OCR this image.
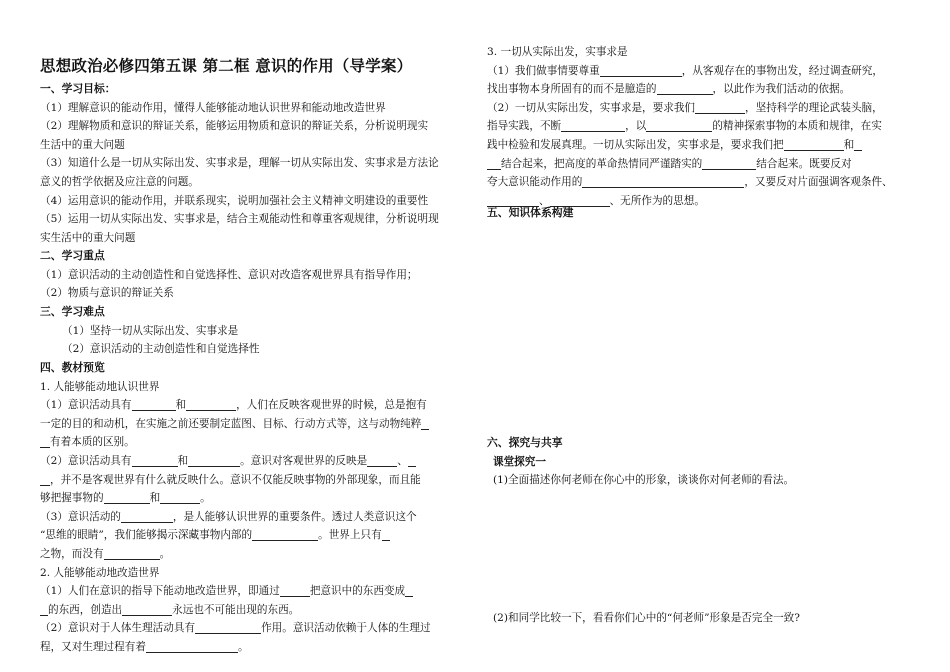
思想政治必修四第五课 第二框 意识的作用（导学案）

一、学习目标：

（1）理解意识的能动作用，懂得人能够能动地认识世界和能动地改造世界

（2）理解物质和意识的辩证关系，能够运用物质和意识的辩证关系，分析说明现实

生活中的重大问题

（3）知道什么是一切从实际出发、实事求是，理解一切从实际出发、实事求是方法论

意义的哲学依据及应注意的问题。

（4）运用意识的能动作用，并联系现实，说明加强社会主义精神文明建设的重要性

（5）运用一切从实际出发、实事求是，结合主观能动性和尊重客观规律，分析说明现

实生活中的重大问题

二、学习重点

（1）意识活动的主动创造性和自觉选择性、意识对改造客观世界具有指导作用；

（2）物质与意识的辩证关系

三、学习难点

（1）坚持一切从实际出发、实事求是

（2）意识活动的主动创造性和自觉选择性

四、教材预览

1. 人能够能动地认识世界

（1）意识活动具有	和	，人们在反映客观世界的时候，总是抱有

一定的目的和动机，在实施之前还要制定蓝图、目标、行动方式等，这与动物纯粹

有着本质的区别。

（2）意识活动具有	和	。意识对客观世界的反映是	、

，并不是客观世界有什么就反映什么。意识不仅能反映事物的外部现象，而且能

够把握事物的	和	。

（3）意识活动的	，是人能够认识世界的重要条件。透过人类意识这个

“思维的眼睛”，我们能够揭示深藏事物内部的	。世界上只有

之物，而没有	。

2. 人能够能动地改造世界

（1）人们在意识的指导下能动地改造世界，即通过	把意识中的东西变成

的东西，创造出	永远也不可能出现的东西。

（2）意识对于人体生理活动具有	作用。意识活动依赖于人体的生理过

程，又对生理过程有着	。

3. 一切从实际出发，实事求是

（1）我们做事情要尊重	，从客观存在的事物出发，经过调查研究，

找出事物本身所固有的而不是臆造的	，以此作为我们活动的依据。

（2）一切从实际出发，实事求是，要求我们	，坚持科学的理论武装头脑，

指导实践，不断	，以	的精神探索事物的本质和规律，在实

践中检验和发展真理。一切从实际出发，实事求是，要求我们把	和

结合起来，把高度的革命热情同严谨踏实的	结合起来。既要反对

夸大意识能动作用的	，又要反对片面强调客观条件、

、	、无所作为的思想。

五、知识体系构建

六、探究与共享

课堂探究一

(1)全面描述你何老师在你心中的形象，谈谈你对何老师的看法。

(2)和同学比较一下，看看你们心中的“何老师”形象是否完全一致?
